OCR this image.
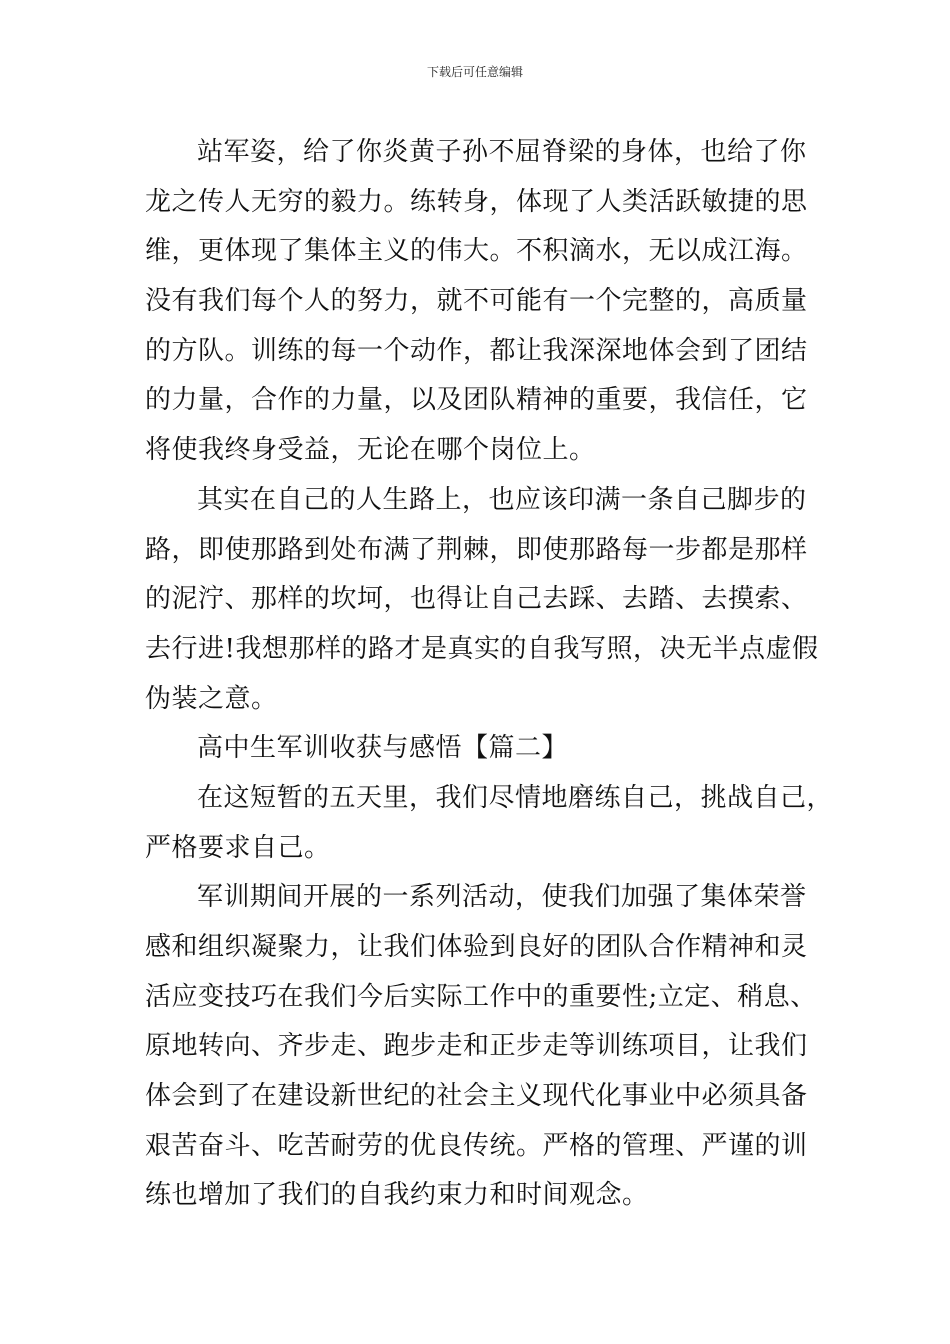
下载后可任意编辑
站军姿，给了你炎黄子孙不屈脊梁的身体，也给了你
龙之传人无穷的毅力。练转身，体现了人类活跃敏捷的思
维，更体现了集体主义的伟大。不积滴水，无以成江海。
没有我们每个人的努力，就不可能有一个完整的，高质量
的方队。训练的每一个动作，都让我深深地体会到了团结
的力量，合作的力量，以及团队精神的重要，我信任，它
将使我终身受益，无论在哪个岗位上。
其实在自己的人生路上，也应该印满一条自己脚步的
路，即使那路到处布满了荆棘，即使那路每一步都是那样
的泥泞、那样的坎坷，也得让自己去踩、去踏、去摸索、
去行进!我想那样的路才是真实的自我写照，决无半点虚假
伪装之意。
高中生军训收获与感悟【篇二】
在这短暂的五天里，我们尽情地磨练自己，挑战自己，
严格要求自己。
军训期间开展的一系列活动，使我们加强了集体荣誉
感和组织凝聚力，让我们体验到良好的团队合作精神和灵
活应变技巧在我们今后实际工作中的重要性;立定、稍息、
原地转向、齐步走、跑步走和正步走等训练项目，让我们
体会到了在建设新世纪的社会主义现代化事业中必须具备
艰苦奋斗、吃苦耐劳的优良传统。严格的管理、严谨的训
练也增加了我们的自我约束力和时间观念。
